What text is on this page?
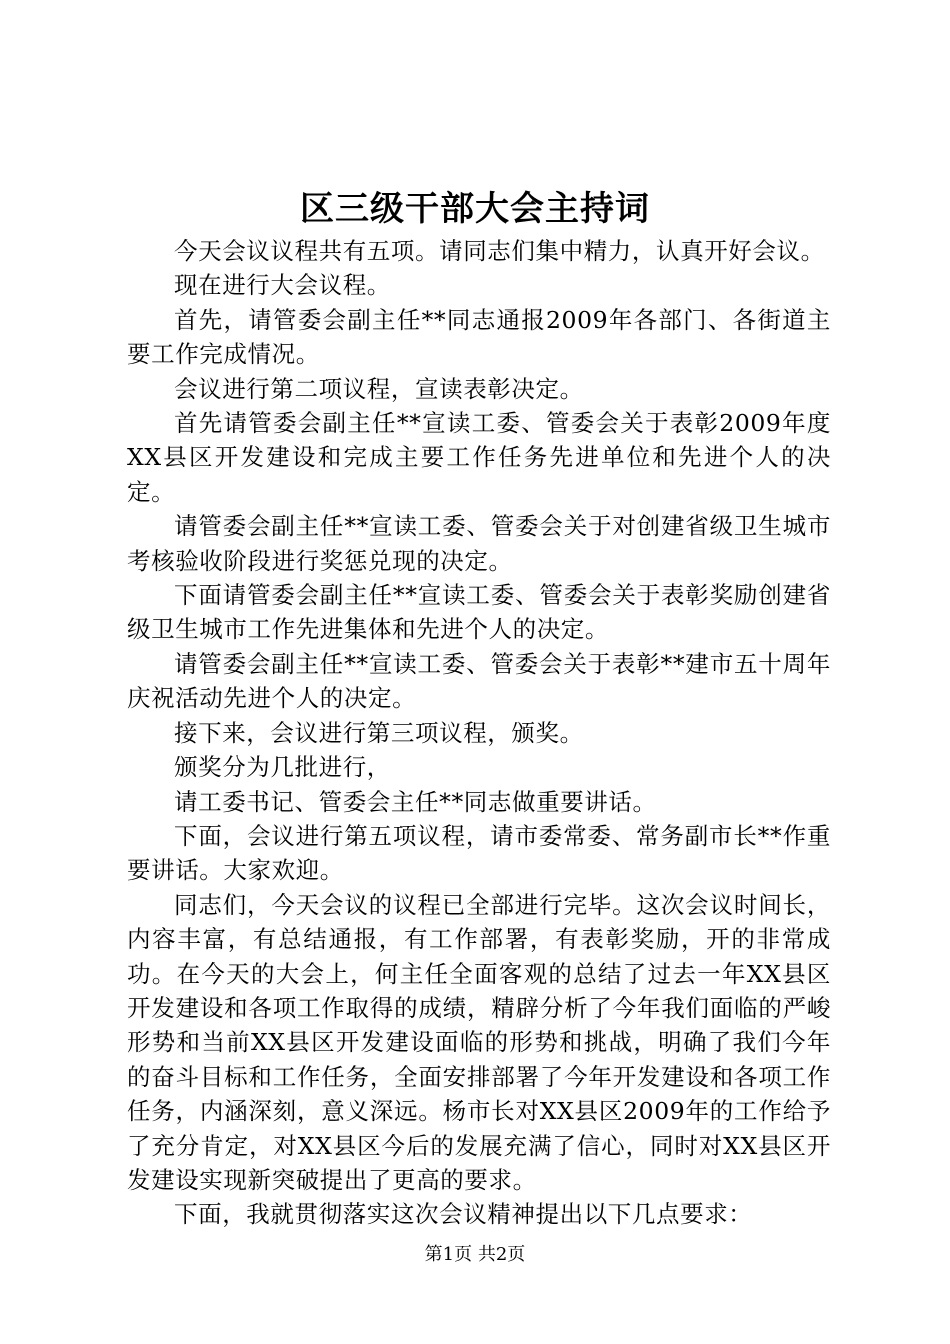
区三级干部大会主持词

今天会议议程共有五项。请同志们集中精力，认真开好会议。

现在进行大会议程。

首先，请管委会副主任**同志通报2009年各部门、各街道主要工作完成情况。

会议进行第二项议程，宣读表彰决定。

首先请管委会副主任**宣读工委、管委会关于表彰2009年度XX县区开发建设和完成主要工作任务先进单位和先进个人的决定。

请管委会副主任**宣读工委、管委会关于对创建省级卫生城市考核验收阶段进行奖惩兑现的决定。

下面请管委会副主任**宣读工委、管委会关于表彰奖励创建省级卫生城市工作先进集体和先进个人的决定。

请管委会副主任**宣读工委、管委会关于表彰**建市五十周年庆祝活动先进个人的决定。

接下来，会议进行第三项议程，颁奖。

颁奖分为几批进行，

请工委书记、管委会主任**同志做重要讲话。

下面，会议进行第五项议程，请市委常委、常务副市长**作重要讲话。大家欢迎。

同志们，今天会议的议程已全部进行完毕。这次会议时间长，内容丰富，有总结通报，有工作部署，有表彰奖励，开的非常成功。在今天的大会上，何主任全面客观的总结了过去一年XX县区开发建设和各项工作取得的成绩，精辟分析了今年我们面临的严峻形势和当前XX县区开发建设面临的形势和挑战，明确了我们今年的奋斗目标和工作任务，全面安排部署了今年开发建设和各项工作任务，内涵深刻，意义深远。杨市长对XX县区2009年的工作给予了充分肯定，对XX县区今后的发展充满了信心，同时对XX县区开发建设实现新突破提出了更高的要求。

下面，我就贯彻落实这次会议精神提出以下几点要求：

第1页 共2页
